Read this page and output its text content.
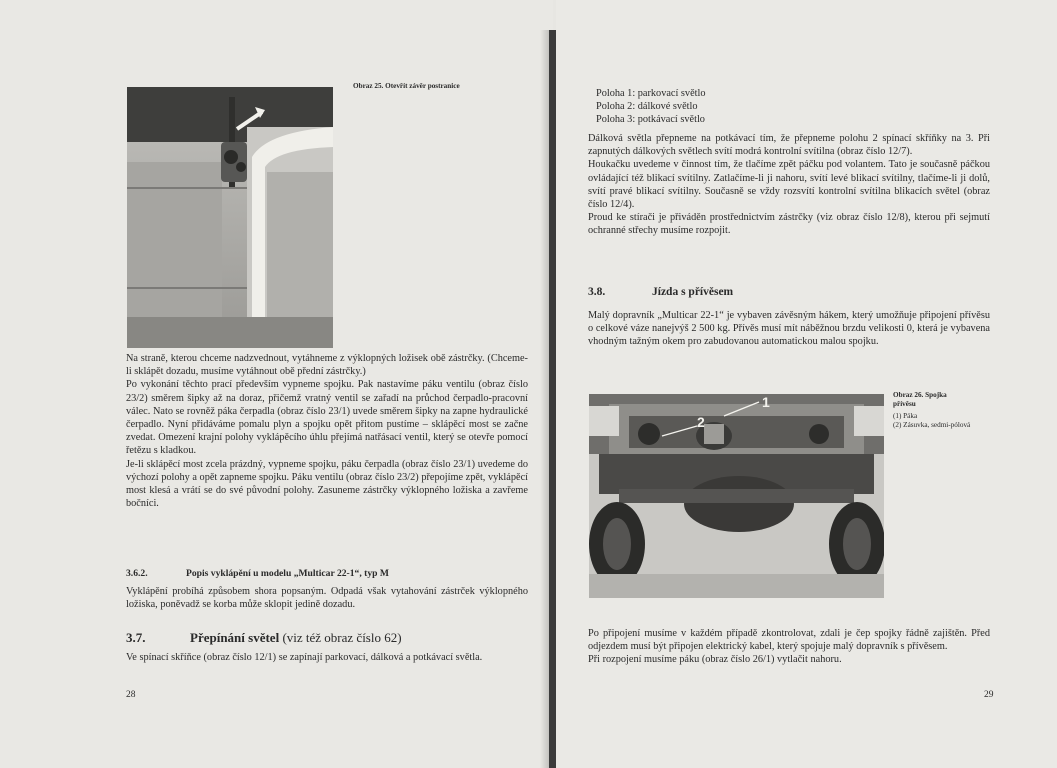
Obraz 25. Otevřít závěr postranice

Na straně, kterou chceme nadzvednout, vytáhneme z výklopných ložisek obě zástrčky. (Chceme-li sklápět dozadu, musíme vytáhnout obě přední zástrčky.)

Po vykonání těchto prací především vypneme spojku. Pak nastavíme páku ventilu (obraz číslo 23/2) směrem šipky až na doraz, přičemž vratný ventil se zařadí na průchod čerpadlo-pracovní válec. Nato se rovněž páka čerpadla (obraz číslo 23/1) uvede směrem šipky na zapne hydraulické čerpadlo. Nyní přidáváme pomalu plyn a spojku opět přitom pustíme – sklápěcí most se začne zvedat. Omezení krajní polohy vyklápěcího úhlu přejímá natřásací ventil, který se otevře pomocí řetězu s kladkou.

Je-li sklápěcí most zcela prázdný, vypneme spojku, páku čerpadla (obraz číslo 23/1) uvedeme do výchozí polohy a opět zapneme spojku. Páku ventilu (obraz číslo 23/2) přepojíme zpět, vyklápěcí most klesá a vrátí se do své původní polohy. Zasuneme zástrčky výklopného ložiska a zavřeme bočníci.

3.6.2.	Popis vyklápění u modelu „Multicar 22-1“, typ M
Vyklápění probíhá způsobem shora popsaným. Odpadá však vytahování zástrček výklopného ložiska, poněvadž se korba může sklopit jedině dozadu.
3.7.	Přepínání světel (viz též obraz číslo 62)
Ve spínací skříňce (obraz číslo 12/1) se zapínají parkovací, dálková a potkávací světla.
28

Poloha 1: parkovací světlo

Poloha 2: dálkové světlo

Poloha 3: potkávací světlo

Dálková světla přepneme na potkávací tím, že přepneme polohu 2 spínací skříňky na 3. Při zapnutých dálkových světlech svítí modrá kontrolní svítilna (obraz číslo 12/7).

Houkačku uvedeme v činnost tím, že tlačíme zpět páčku pod volantem. Tato je současně páčkou ovládající též blikací svítilny. Zatlačíme-li ji nahoru, svítí levé blikací svítilny, tlačíme-li ji dolů, svítí pravé blikací svítilny. Současně se vždy rozsvítí kontrolní svítilna blikacích světel (obraz číslo 12/4).

Proud ke stírači je přiváděn prostřednictvím zástrčky (viz obraz číslo 12/8), kterou při sejmutí ochranné střechy musíme rozpojit.

3.8.	Jízda s přívěsem
Malý dopravník „Multicar 22-1“ je vybaven závěsným hákem, který umožňuje připojení přívěsu o celkové váze nanejvýš 2 500 kg. Přívěs musí mít náběžnou brzdu velikosti 0, která je vybavena vhodným tažným okem pro zabudovanou automatickou malou spojku.
1
2
Obraz 26. Spojka přívěsu

(1) Páka

(2) Zásuvka, sedmi-pólová

Po připojení musíme v každém případě zkontrolovat, zdali je čep spojky řádně zajištěn. Před odjezdem musí být připojen elektrický kabel, který spojuje malý dopravník s přívěsem.

Při rozpojení musíme páku (obraz číslo 26/1) vytlačit nahoru.

29
